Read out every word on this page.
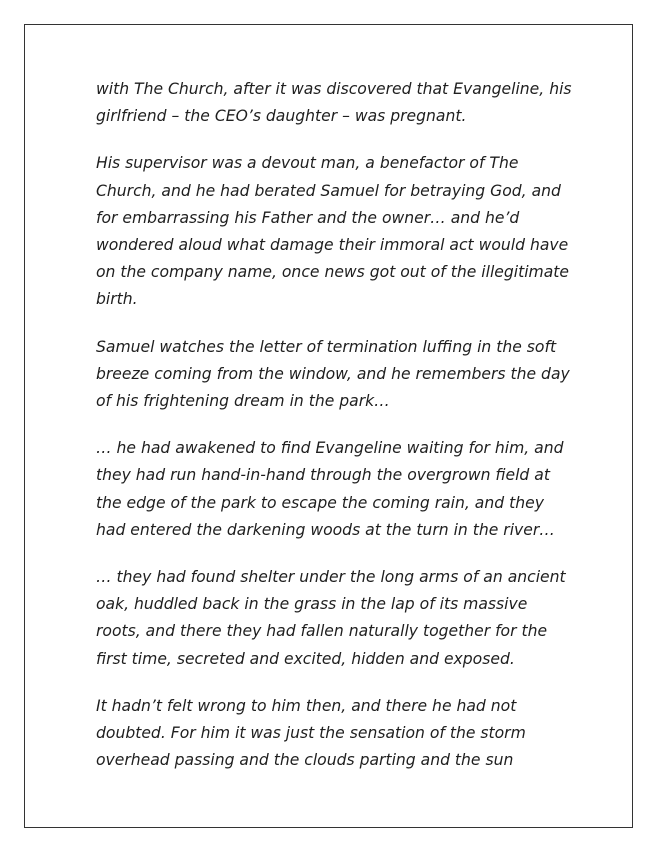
with The Church, after it was discovered that Evangeline, his girlfriend – the CEO’s daughter – was pregnant.

His supervisor was a devout man, a benefactor of The Church, and he had berated Samuel for betraying God, and for embarrassing his Father and the owner… and he’d wondered aloud what damage their immoral act would have on the company name, once news got out of the illegitimate birth.

Samuel watches the letter of termination luffing in the soft breeze coming from the window, and he remembers the day of his frightening dream in the park…

… he had awakened to find Evangeline waiting for him, and they had run hand-in-hand through the overgrown field at the edge of the park to escape the coming rain, and they had entered the darkening woods at the turn in the river…

… they had found shelter under the long arms of an ancient oak, huddled back in the grass in the lap of its massive roots, and there they had fallen naturally together for the first time, secreted and excited, hidden and exposed.

It hadn’t felt wrong to him then, and there he had not doubted. For him it was just the sensation of the storm overhead passing and the clouds parting and the sun
